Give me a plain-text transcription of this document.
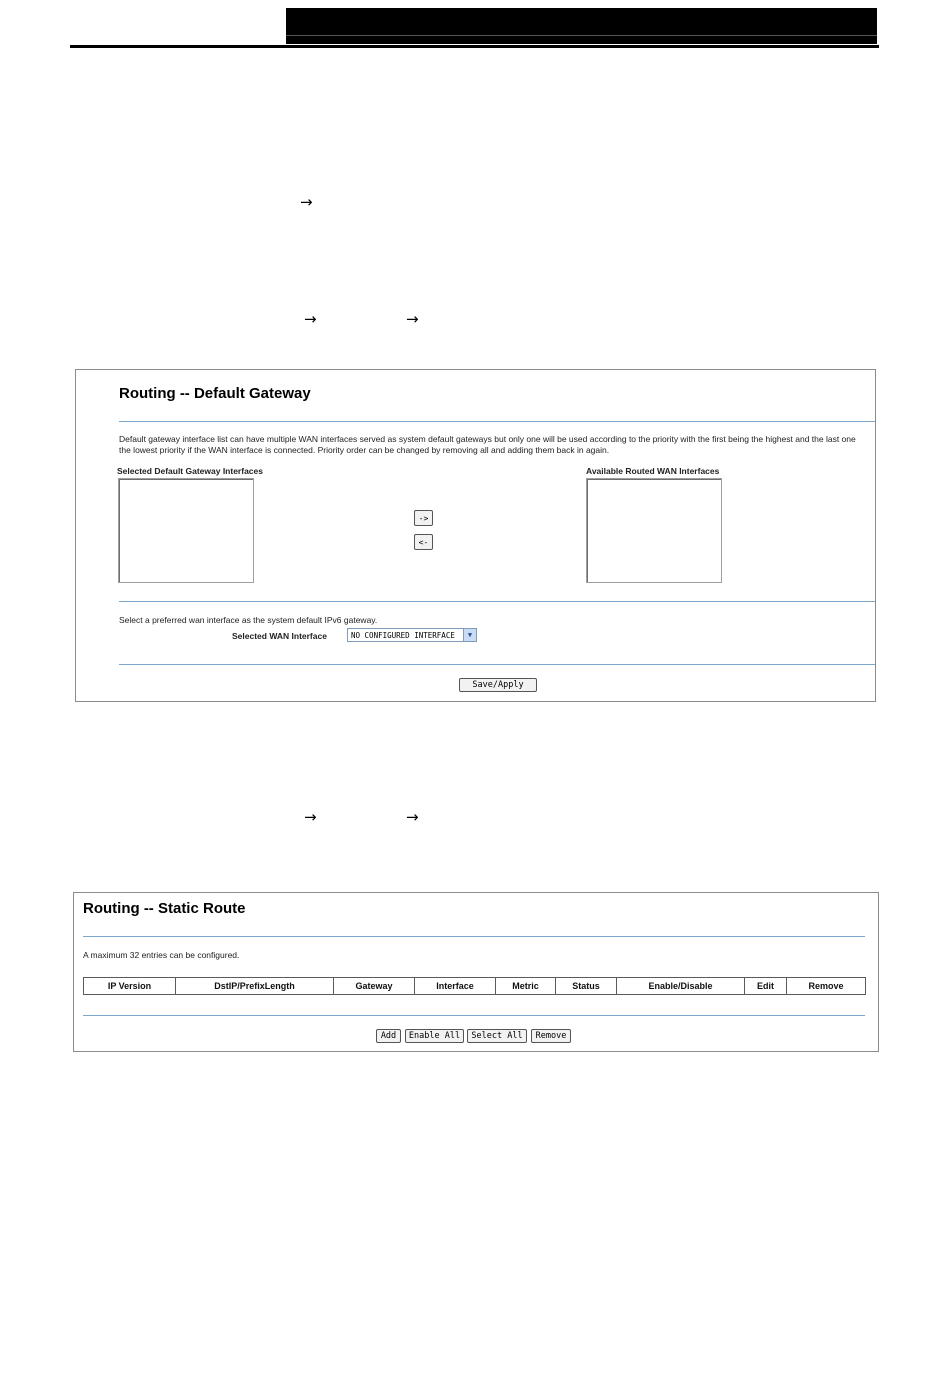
→
→	→
→	→
Routing -- Default Gateway
Default gateway interface list can have multiple WAN interfaces served as system default gateways but only one will be used according to the priority with the first being the highest and the last one the lowest priority if the WAN interface is connected. Priority order can be changed by removing all and adding them back in again.
Selected Default Gateway Interfaces
->
<-
Available Routed WAN Interfaces
Select a preferred wan interface as the system default IPv6 gateway.
Selected WAN Interface	NO CONFIGURED INTERFACE	▼
Save/Apply
Routing -- Static Route
A maximum 32 entries can be configured.
IP Version	DstIP/PrefixLength	Gateway	Interface	Metric	Status	Enable/Disable	Edit	Remove
Add	Enable All	Select All	Remove
